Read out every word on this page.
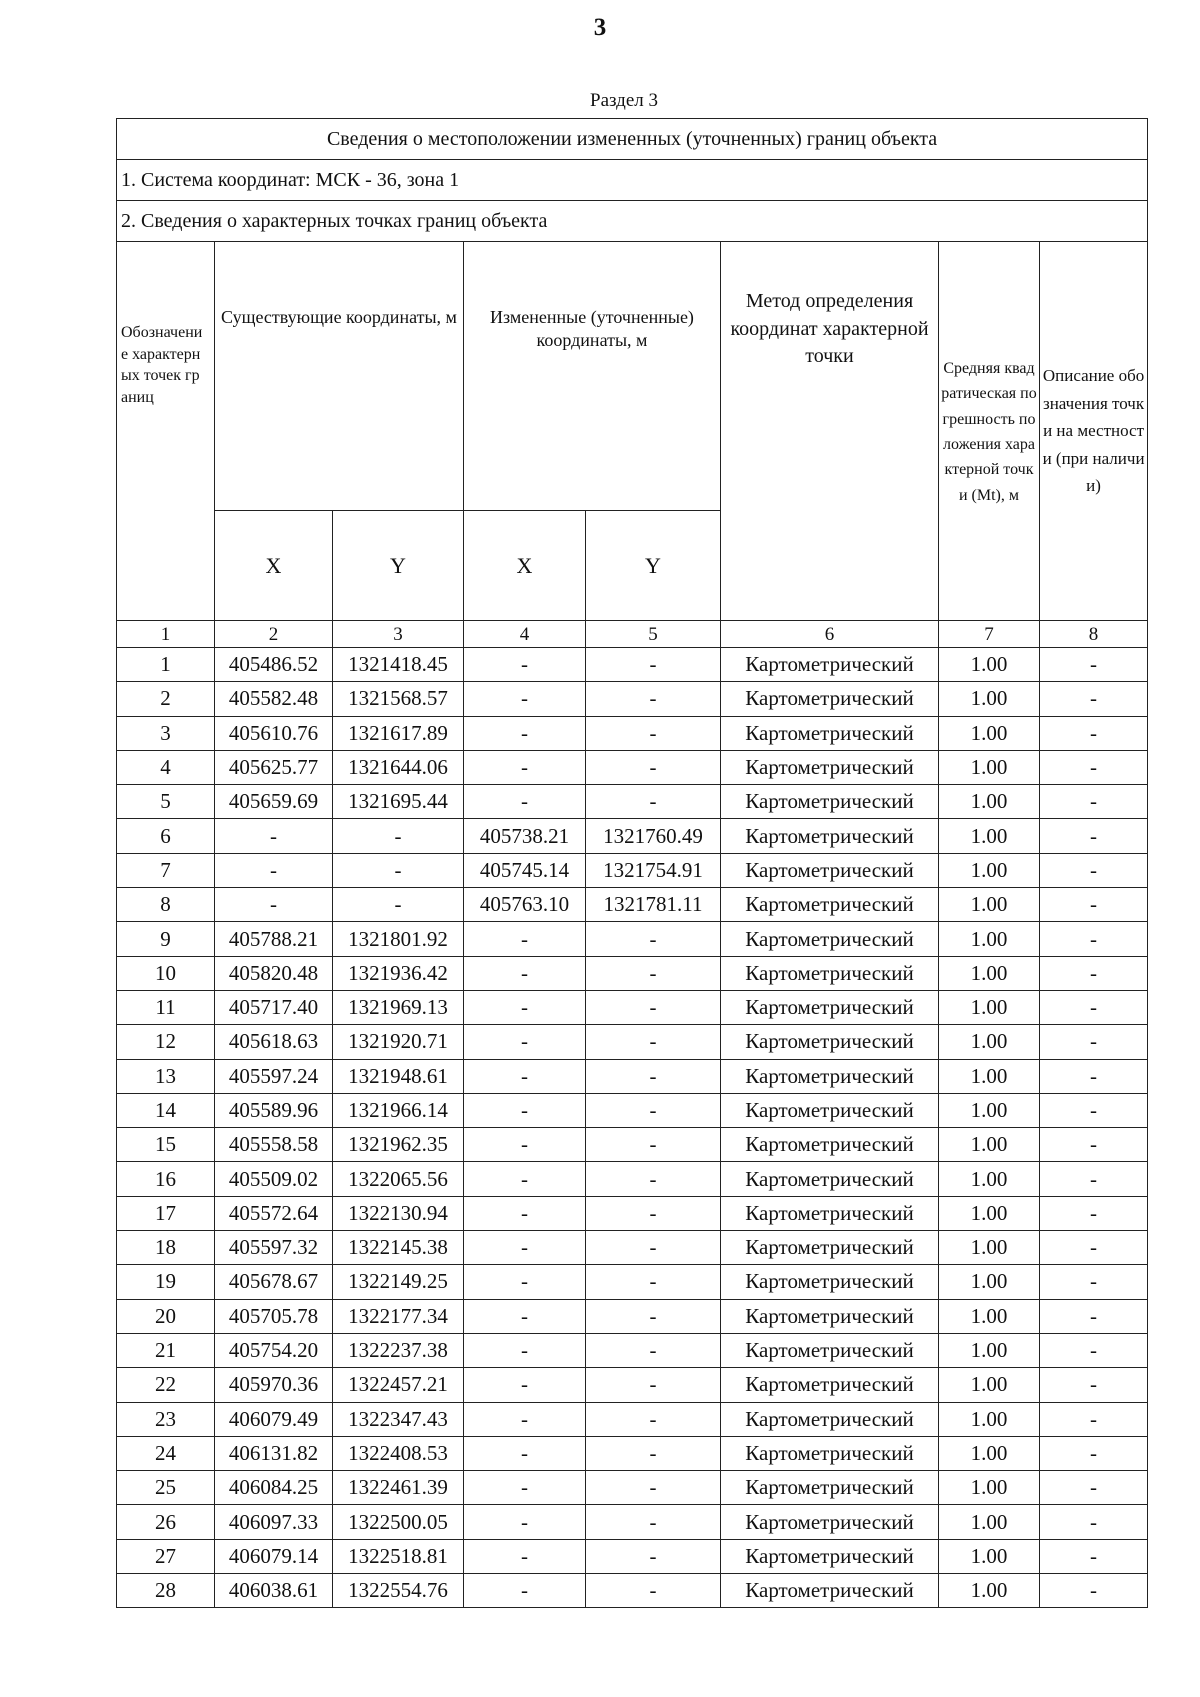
3
Раздел 3
Сведения о местоположении измененных (уточненных) границ объекта							
1. Система координат: МСК - 36, зона 1							
2. Сведения о характерных точках границ объекта							

Обозначение характерных точек границ	Существующие координаты, м		Измененные (уточненные) координаты, м		Метод определения координат характерной точки	Средняя квадратическая погрешность положения характерной точки (Mt), м	Описание обозначения точки на местности (при наличии)

	X	Y	X	Y			
1	2	3	4	5	6	7	8
1	405486.52	1321418.45	-	-	Картометрический	1.00	-
2	405582.48	1321568.57	-	-	Картометрический	1.00	-
3	405610.76	1321617.89	-	-	Картометрический	1.00	-
4	405625.77	1321644.06	-	-	Картометрический	1.00	-
5	405659.69	1321695.44	-	-	Картометрический	1.00	-
6	-	-	405738.21	1321760.49	Картометрический	1.00	-
7	-	-	405745.14	1321754.91	Картометрический	1.00	-
8	-	-	405763.10	1321781.11	Картометрический	1.00	-
9	405788.21	1321801.92	-	-	Картометрический	1.00	-
10	405820.48	1321936.42	-	-	Картометрический	1.00	-
11	405717.40	1321969.13	-	-	Картометрический	1.00	-
12	405618.63	1321920.71	-	-	Картометрический	1.00	-
13	405597.24	1321948.61	-	-	Картометрический	1.00	-
14	405589.96	1321966.14	-	-	Картометрический	1.00	-
15	405558.58	1321962.35	-	-	Картометрический	1.00	-
16	405509.02	1322065.56	-	-	Картометрический	1.00	-
17	405572.64	1322130.94	-	-	Картометрический	1.00	-
18	405597.32	1322145.38	-	-	Картометрический	1.00	-
19	405678.67	1322149.25	-	-	Картометрический	1.00	-
20	405705.78	1322177.34	-	-	Картометрический	1.00	-
21	405754.20	1322237.38	-	-	Картометрический	1.00	-
22	405970.36	1322457.21	-	-	Картометрический	1.00	-
23	406079.49	1322347.43	-	-	Картометрический	1.00	-
24	406131.82	1322408.53	-	-	Картометрический	1.00	-
25	406084.25	1322461.39	-	-	Картометрический	1.00	-
26	406097.33	1322500.05	-	-	Картометрический	1.00	-
27	406079.14	1322518.81	-	-	Картометрический	1.00	-
28	406038.61	1322554.76	-	-	Картометрический	1.00	-
